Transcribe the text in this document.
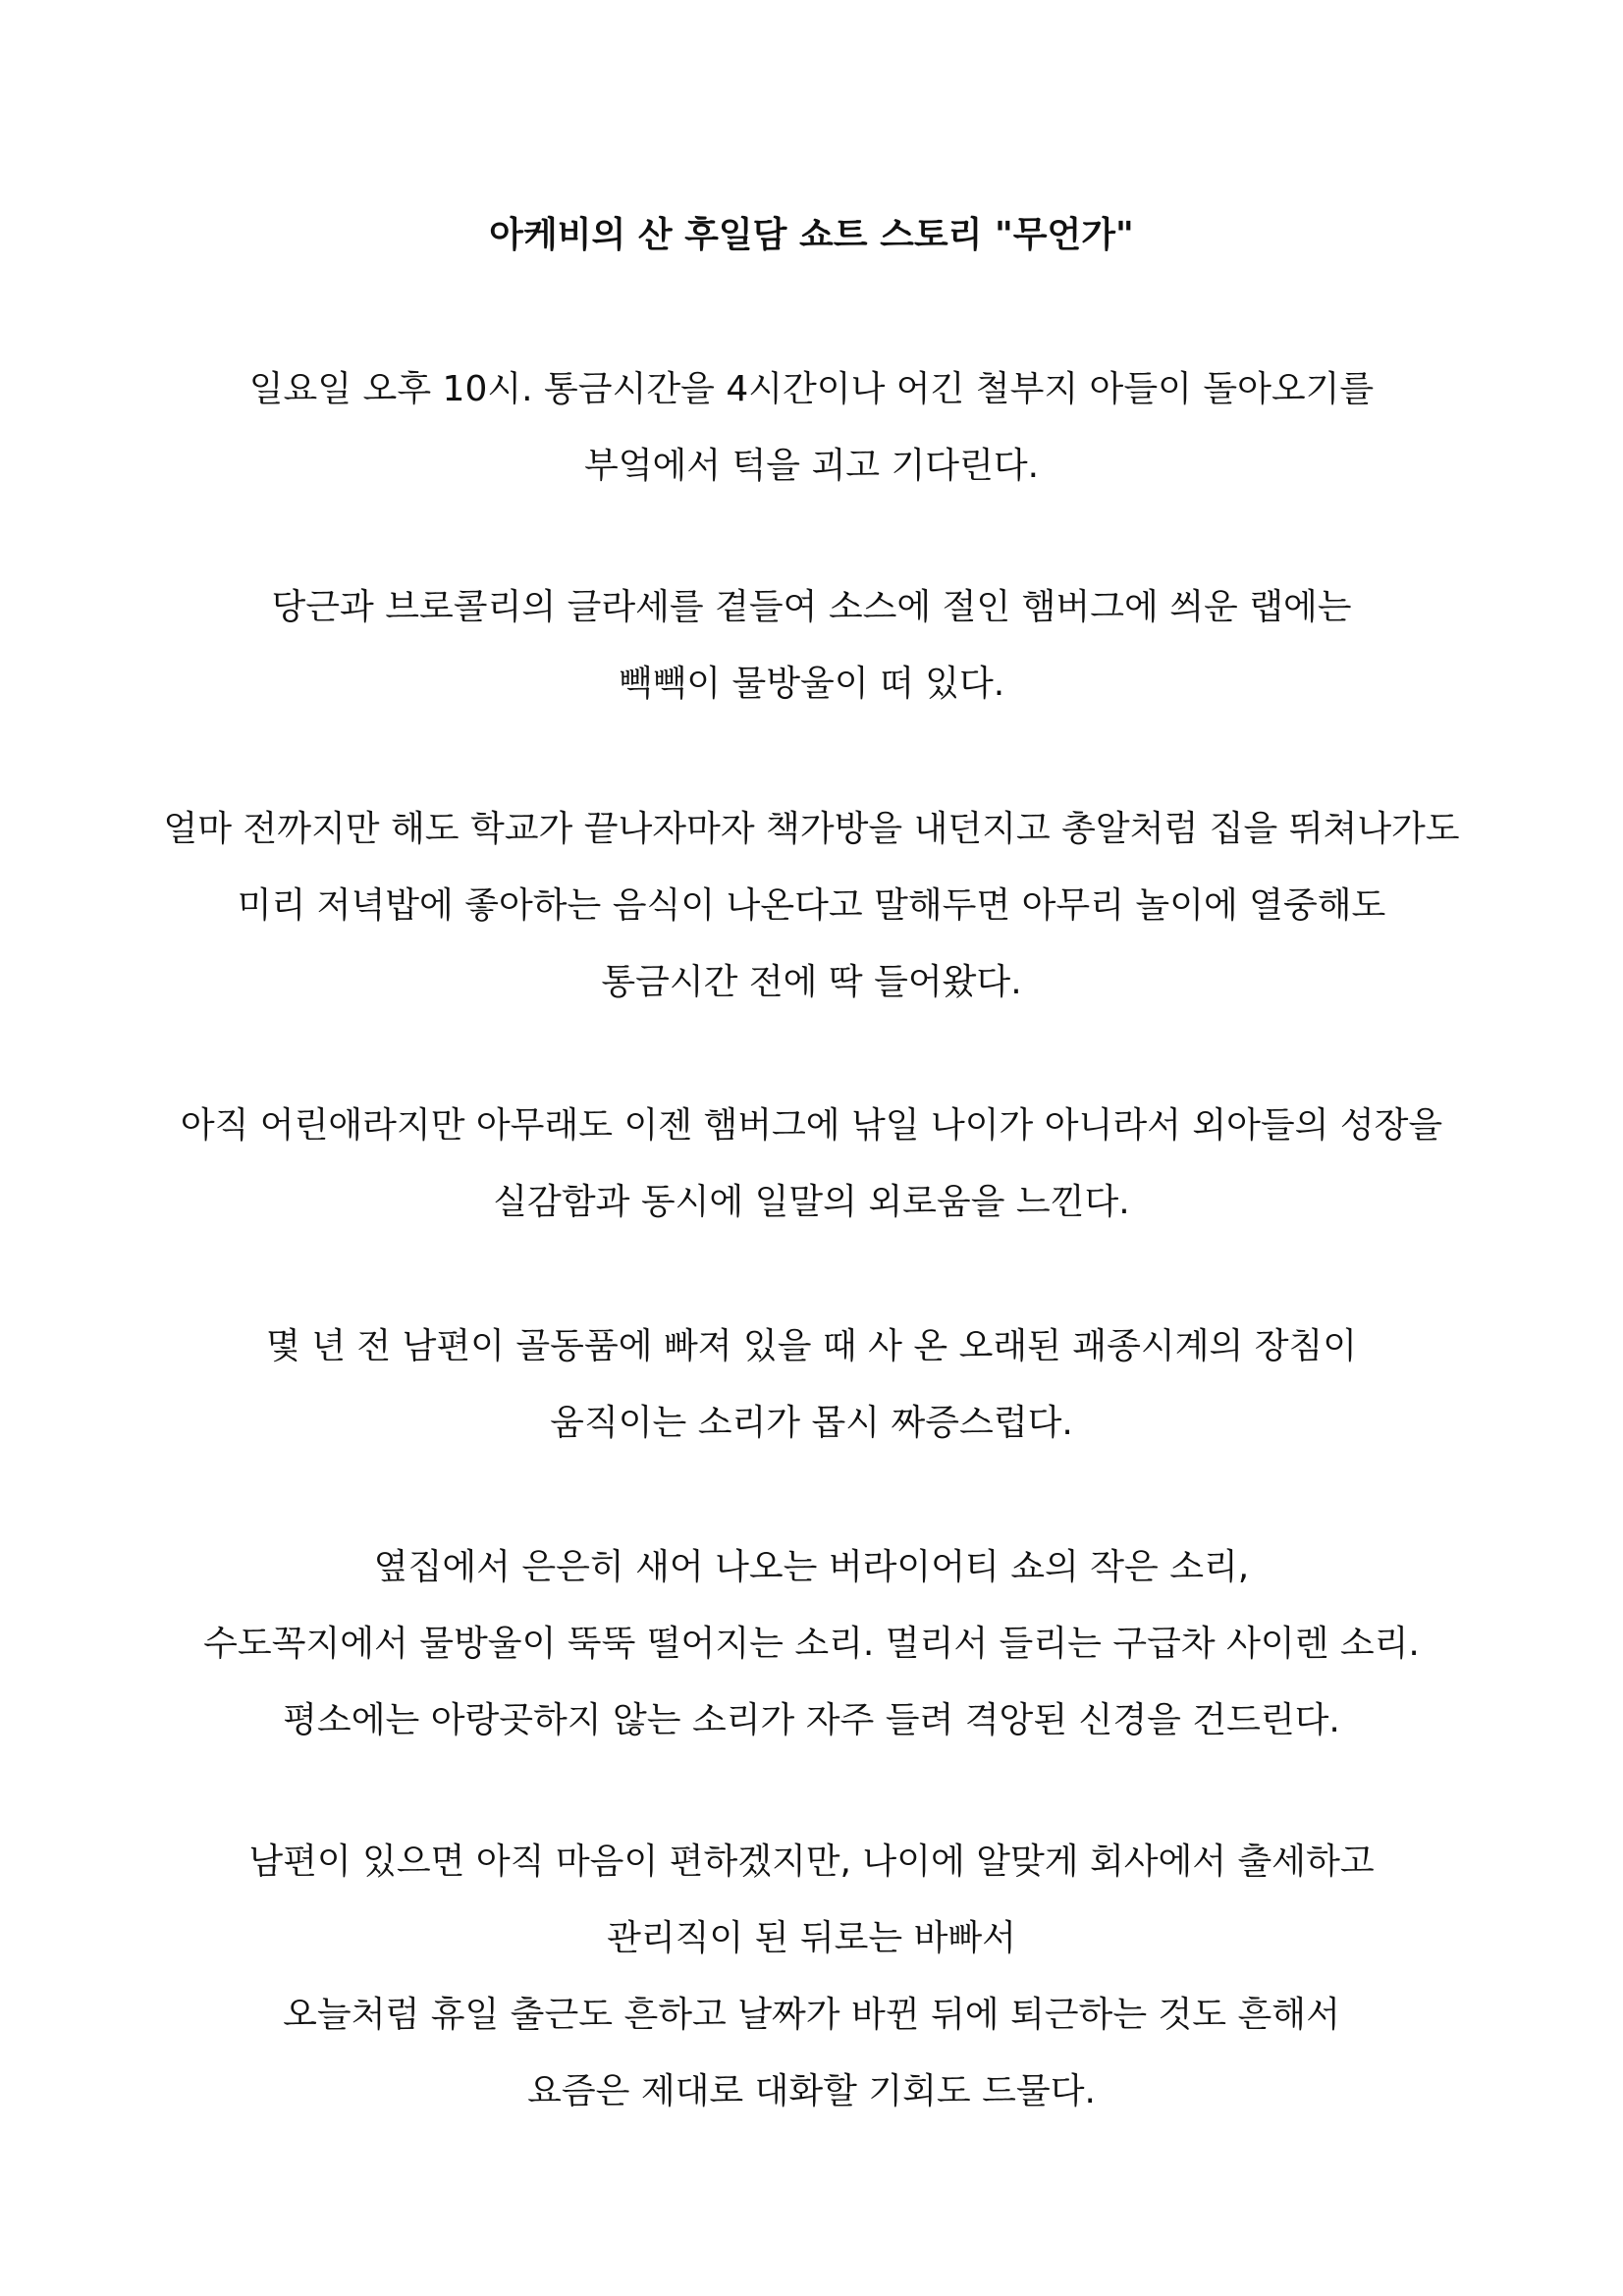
아케비의 산 후일담 쇼트 스토리 "무언가"
일요일 오후 10시. 통금시간을 4시간이나 어긴 철부지 아들이 돌아오기를
부엌에서 턱을 괴고 기다린다.
당근과 브로콜리의 글라세를 곁들여 소스에 절인 햄버그에 씌운 랩에는
빽빽이 물방울이 떠 있다.
얼마 전까지만 해도 학교가 끝나자마자 책가방을 내던지고 총알처럼 집을 뛰쳐나가도
미리 저녁밥에 좋아하는 음식이 나온다고 말해두면 아무리 놀이에 열중해도
통금시간 전에 딱 들어왔다.
아직 어린애라지만 아무래도 이젠 햄버그에 낚일 나이가 아니라서 외아들의 성장을
실감함과 동시에 일말의 외로움을 느낀다.
몇 년 전 남편이 골동품에 빠져 있을 때 사 온 오래된 괘종시계의 장침이
움직이는 소리가 몹시 짜증스럽다.
옆집에서 은은히 새어 나오는 버라이어티 쇼의 작은 소리,
수도꼭지에서 물방울이 뚝뚝 떨어지는 소리. 멀리서 들리는 구급차 사이렌 소리.
평소에는 아랑곳하지 않는 소리가 자주 들려 격앙된 신경을 건드린다.
남편이 있으면 아직 마음이 편하겠지만, 나이에 알맞게 회사에서 출세하고
관리직이 된 뒤로는 바빠서
오늘처럼 휴일 출근도 흔하고 날짜가 바뀐 뒤에 퇴근하는 것도 흔해서
요즘은 제대로 대화할 기회도 드물다.
